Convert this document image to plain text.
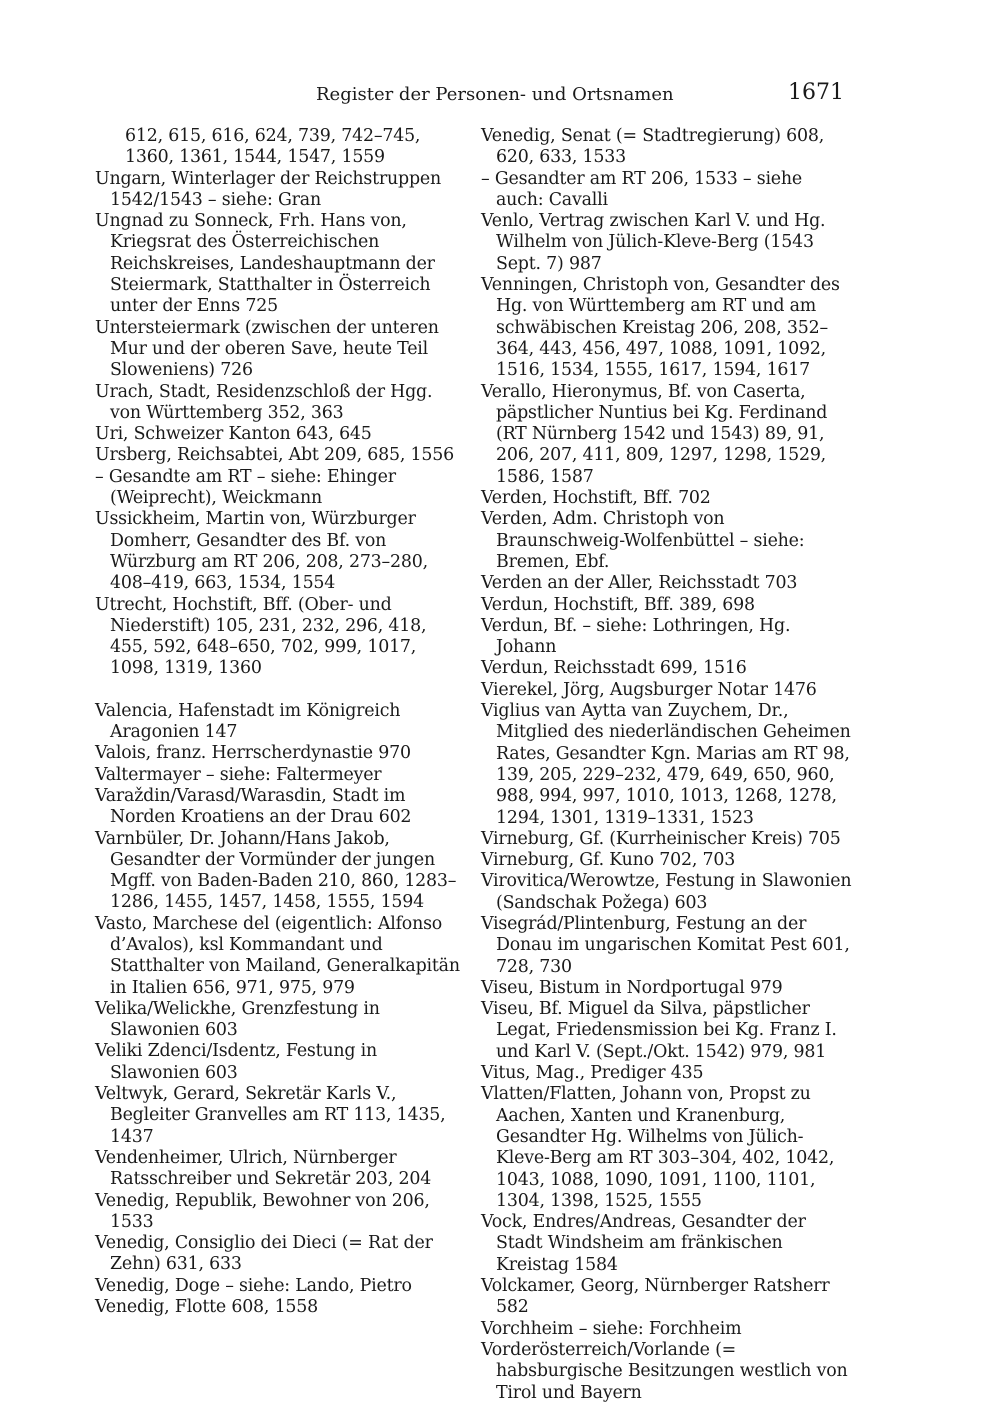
Register der Personen- und Ortsnamen	1671
612, 615, 616, 624, 739, 742–745, 1360, 1361, 1544, 1547, 1559
Ungarn, Winterlager der Reichstruppen 1542/1543 – siehe: Gran
Ungnad zu Sonneck, Frh. Hans von, Kriegsrat des Österreichischen Reichskreises, Landeshauptmann der Steiermark, Statthalter in Österreich unter der Enns 725
Untersteiermark (zwischen der unteren Mur und der oberen Save, heute Teil Sloweniens) 726
Urach, Stadt, Residenzschloß der Hgg. von Württemberg 352, 363
Uri, Schweizer Kanton 643, 645
Ursberg, Reichsabtei, Abt 209, 685, 1556
– Gesandte am RT – siehe: Ehinger (Weiprecht), Weickmann
Ussickheim, Martin von, Würzburger Domherr, Gesandter des Bf. von Würzburg am RT 206, 208, 273–280, 408–419, 663, 1534, 1554
Utrecht, Hochstift, Bff. (Ober- und Niederstift) 105, 231, 232, 296, 418, 455, 592, 648–650, 702, 999, 1017, 1098, 1319, 1360
Valencia, Hafenstadt im Königreich Aragonien 147
Valois, franz. Herrscherdynastie 970
Valtermayer – siehe: Faltermeyer
Varaždin/Varasd/Warasdin, Stadt im Norden Kroatiens an der Drau 602
Varnbüler, Dr. Johann/Hans Jakob, Gesandter der Vormünder der jungen Mgff. von Baden-Baden 210, 860, 1283–1286, 1455, 1457, 1458, 1555, 1594
Vasto, Marchese del (eigentlich: Alfonso d’Avalos), ksl Kommandant und Statthalter von Mailand, Generalkapitän in Italien 656, 971, 975, 979
Velika/Welickhe, Grenzfestung in Slawonien 603
Veliki Zdenci/Isdentz, Festung in Slawonien 603
Veltwyk, Gerard, Sekretär Karls V., Begleiter Granvelles am RT 113, 1435, 1437
Vendenheimer, Ulrich, Nürnberger Ratsschreiber und Sekretär 203, 204
Venedig, Republik, Bewohner von 206, 1533
Venedig, Consiglio dei Dieci (= Rat der Zehn) 631, 633
Venedig, Doge – siehe: Lando, Pietro
Venedig, Flotte 608, 1558
Venedig, Senat (= Stadtregierung) 608, 620, 633, 1533
– Gesandter am RT 206, 1533 – siehe auch: Cavalli
Venlo, Vertrag zwischen Karl V. und Hg. Wilhelm von Jülich-Kleve-Berg (1543 Sept. 7) 987
Venningen, Christoph von, Gesandter des Hg. von Württemberg am RT und am schwäbischen Kreistag 206, 208, 352–364, 443, 456, 497, 1088, 1091, 1092, 1516, 1534, 1555, 1617, 1594, 1617
Verallo, Hieronymus, Bf. von Caserta, päpstlicher Nuntius bei Kg. Ferdinand (RT Nürnberg 1542 und 1543) 89, 91, 206, 207, 411, 809, 1297, 1298, 1529, 1586, 1587
Verden, Hochstift, Bff. 702
Verden, Adm. Christoph von Braunschweig-Wolfenbüttel – siehe: Bremen, Ebf.
Verden an der Aller, Reichsstadt 703
Verdun, Hochstift, Bff. 389, 698
Verdun, Bf. – siehe: Lothringen, Hg. Johann
Verdun, Reichsstadt 699, 1516
Vierekel, Jörg, Augsburger Notar 1476
Viglius van Aytta van Zuychem, Dr., Mitglied des niederländischen Geheimen Rates, Gesandter Kgn. Marias am RT 98, 139, 205, 229–232, 479, 649, 650, 960, 988, 994, 997, 1010, 1013, 1268, 1278, 1294, 1301, 1319–1331, 1523
Virneburg, Gf. (Kurrheinischer Kreis) 705
Virneburg, Gf. Kuno 702, 703
Virovitica/Werowtze, Festung in Slawonien (Sandschak Požega) 603
Visegrád/Plintenburg, Festung an der Donau im ungarischen Komitat Pest 601, 728, 730
Viseu, Bistum in Nordportugal 979
Viseu, Bf. Miguel da Silva, päpstlicher Legat, Friedensmission bei Kg. Franz I. und Karl V. (Sept./Okt. 1542) 979, 981
Vitus, Mag., Prediger 435
Vlatten/Flatten, Johann von, Propst zu Aachen, Xanten und Kranenburg, Gesandter Hg. Wilhelms von Jülich-Kleve-Berg am RT 303–304, 402, 1042, 1043, 1088, 1090, 1091, 1100, 1101, 1304, 1398, 1525, 1555
Vock, Endres/Andreas, Gesandter der Stadt Windsheim am fränkischen Kreistag 1584
Volckamer, Georg, Nürnberger Ratsherr 582
Vorchheim – siehe: Forchheim
Vorderösterreich/Vorlande (= habsburgische Besitzungen westlich von Tirol und Bayern
